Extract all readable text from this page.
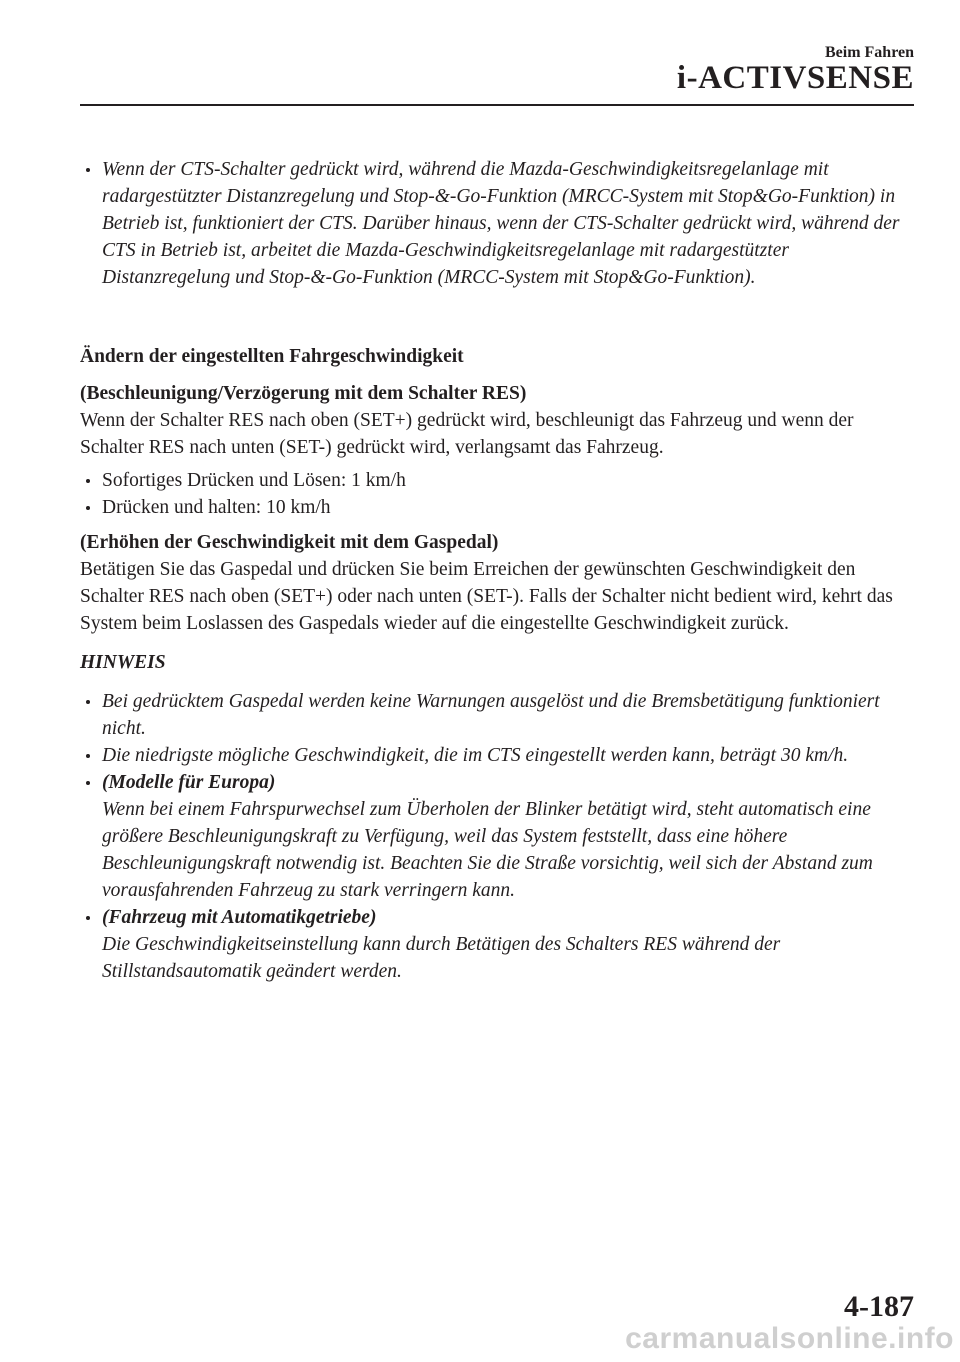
Beim Fahren
i-ACTIVSENSE
Wenn der CTS-Schalter gedrückt wird, während die Mazda-Geschwindigkeitsregelanlage mit radargestützter Distanzregelung und Stop-&-Go-Funktion (MRCC-System mit Stop&Go-Funktion) in Betrieb ist, funktioniert der CTS. Darüber hinaus, wenn der CTS-Schalter gedrückt wird, während der CTS in Betrieb ist, arbeitet die Mazda-Geschwindigkeitsregelanlage mit radargestützter Distanzregelung und Stop-&-Go-Funktion (MRCC-System mit Stop&Go-Funktion).
Ändern der eingestellten Fahrgeschwindigkeit
(Beschleunigung/Verzögerung mit dem Schalter RES)
Wenn der Schalter RES nach oben (SET+) gedrückt wird, beschleunigt das Fahrzeug und wenn der Schalter RES nach unten (SET-) gedrückt wird, verlangsamt das Fahrzeug.
Sofortiges Drücken und Lösen: 1 km/h
Drücken und halten: 10 km/h
(Erhöhen der Geschwindigkeit mit dem Gaspedal)
Betätigen Sie das Gaspedal und drücken Sie beim Erreichen der gewünschten Geschwindigkeit den Schalter RES nach oben (SET+) oder nach unten (SET-). Falls der Schalter nicht bedient wird, kehrt das System beim Loslassen des Gaspedals wieder auf die eingestellte Geschwindigkeit zurück.
HINWEIS
Bei gedrücktem Gaspedal werden keine Warnungen ausgelöst und die Bremsbetätigung funktioniert nicht.
Die niedrigste mögliche Geschwindigkeit, die im CTS eingestellt werden kann, beträgt 30 km/h.
(Modelle für Europa)
Wenn bei einem Fahrspurwechsel zum Überholen der Blinker betätigt wird, steht automatisch eine größere Beschleunigungskraft zu Verfügung, weil das System feststellt, dass eine höhere Beschleunigungskraft notwendig ist. Beachten Sie die Straße vorsichtig, weil sich der Abstand zum vorausfahrenden Fahrzeug zu stark verringern kann.
(Fahrzeug mit Automatikgetriebe)
Die Geschwindigkeitseinstellung kann durch Betätigen des Schalters RES während der Stillstandsautomatik geändert werden.
4-187
carmanualsonline.info
